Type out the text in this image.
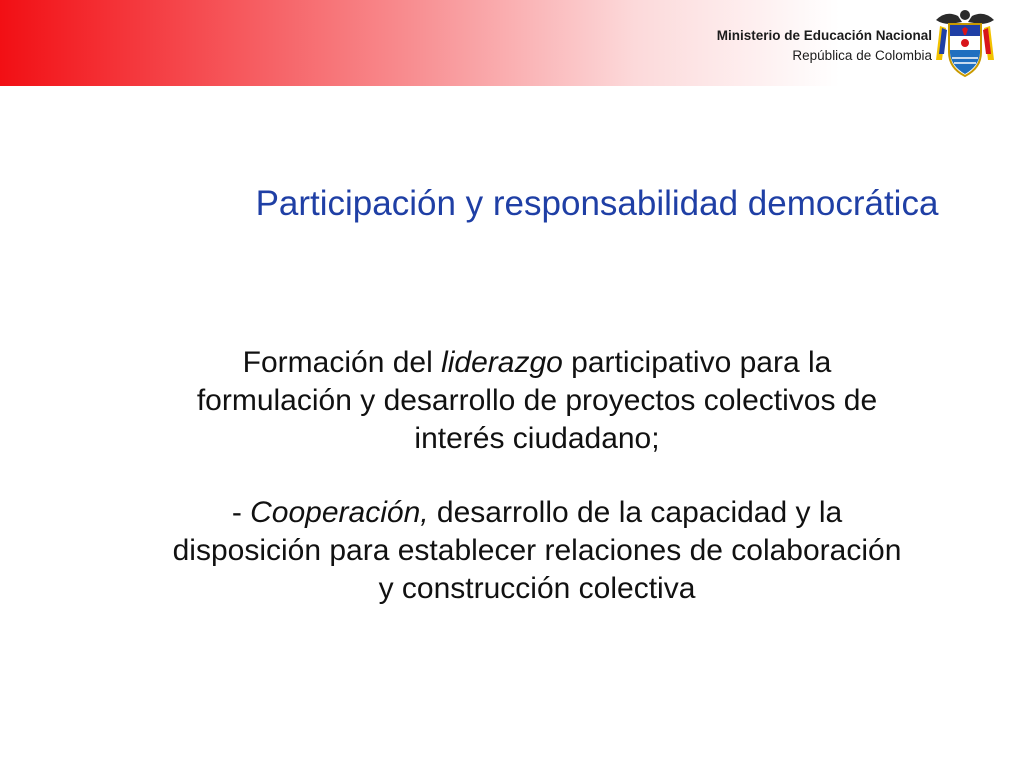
Ministerio de Educación Nacional
República de Colombia
Participación y responsabilidad democrática

Formación del liderazgo participativo para la formulación y desarrollo de proyectos colectivos de interés ciudadano;

- Cooperación, desarrollo de la capacidad y la disposición para establecer relaciones de colaboración y construcción colectiva
